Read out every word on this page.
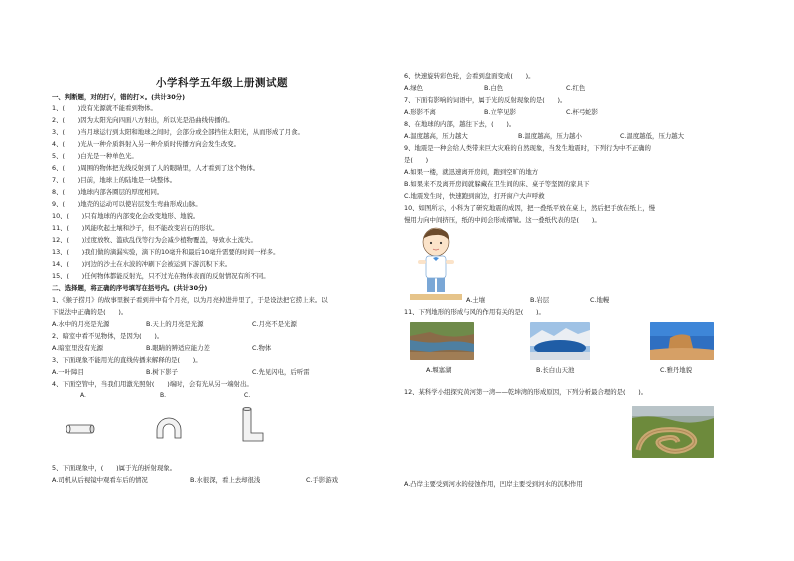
小学科学五年级上册测试题
一、判断题，对的打√，错的打×。(共计30分)
1、(　　)没有光源就不能看到物体。
2、(　　)因为太阳光向四面八方射出，所以光是沿曲线传播的。
3、(　　)当月球运行到太阳和地球之间时，会部分或全部挡住太阳光，从而形成了月食。
4、(　　)光从一种介质斜射入另一种介质时传播方向会发生改变。
5、(　　)白光是一种单色光。
6、(　　)周围的物体把光线反射到了人的眼睛里，人才看到了这个物体。
7、(　　)目前，地球上的陆地是一块整体。
8、(　　)地球内部各圈层的厚度相同。
9、(　　)地壳的运动可以使岩层发生弯曲形成山脉。
10、(　　)只有地球的内部变化会改变地形、地貌。
11、(　　)风能吹起土壤和沙子，但不能改变岩石的形状。
12、(　　)过度放牧、滥砍乱伐等行为会减少植物覆盖，导致水土流失。
13、(　　)我们做的滴漏实验，滴下的10毫升和最后10毫升需要的时间一样多。
14、(　　)河边的沙土在水波的冲刷下会被运到下游沉积下来。
15、(　　)任何物体都能反射光，只不过光在物体表面的反射情况有所不同。
二、选择题，将正确的序号填写在括号内。(共计30分)
1、《猴子捞月》的故事里猴子看到井中有个月亮，以为月亮掉进井里了，于是设法把它捞上来。以
下说法中正确的是(　　)。
A.水中的月亮是光源	B.天上的月亮是光源	C.月亮不是光源
2、暗室中看不见物体，是因为(　　)。
A.暗室里没有光源	B.眼睛的辨适应能力差	C.物体
3、下面现象不能用光的直线传播来解释的是(　　)。
A.一叶障目	B.树下影子	C.先见闪电，后听雷
4、下面空管中，当我们用激光照射(　　)端时，会有光从另一端射出。
A.	B.	C.
5、下面现象中，(　　)属于光的折射现象。
A.司机从后视镜中观看车后的情况	B.水很深，看上去却很浅	C.手影游戏
6、快速旋转彩色轮，会看到盘面变成(　　)。
A.绿色	B.白色	C.红色
7、下面有影响的词语中，属于光的反射现象的是(　　)。
A.形影不离	B.立竿见影	C.杯弓蛇影
8、在地球的内部，越往下去，(　　)。
A.温度越高，压力越大	B.温度越高，压力越小	C.温度越低，压力越大
9、地震是一种会给人类带来巨大灾难的自然现象，当发生地震时，下列行为中不正确的
是(　　)
A.如果一楼，就迅速离开房间，跑到空旷的地方
B.如果来不及离开房间就躲藏在卫生间的床、桌子等坚固的家具下
C.地震发生时，快速跑到窗边，打开窗户大声呼救
10、如图所示，小科为了研究地震的成因，把一叠纸平放在桌上，然后把手放在纸上，慢
慢用力向中间挤压，纸的中间会形成褶皱。这一叠纸代表的是(　　)。
A.土壤	B.岩层	C.地幔
11、下列地形的形成与风的作用有关的是(　　)。
A.堰塞湖	B.长白山天池	C.雅丹地貌
12、某科学小组探究黄河第一湾——乾坤湾的形成原因，下列分析最合理的是(　　)。
A.凸岸主要受到河水的侵蚀作用，凹岸主要受到河水的沉积作用
